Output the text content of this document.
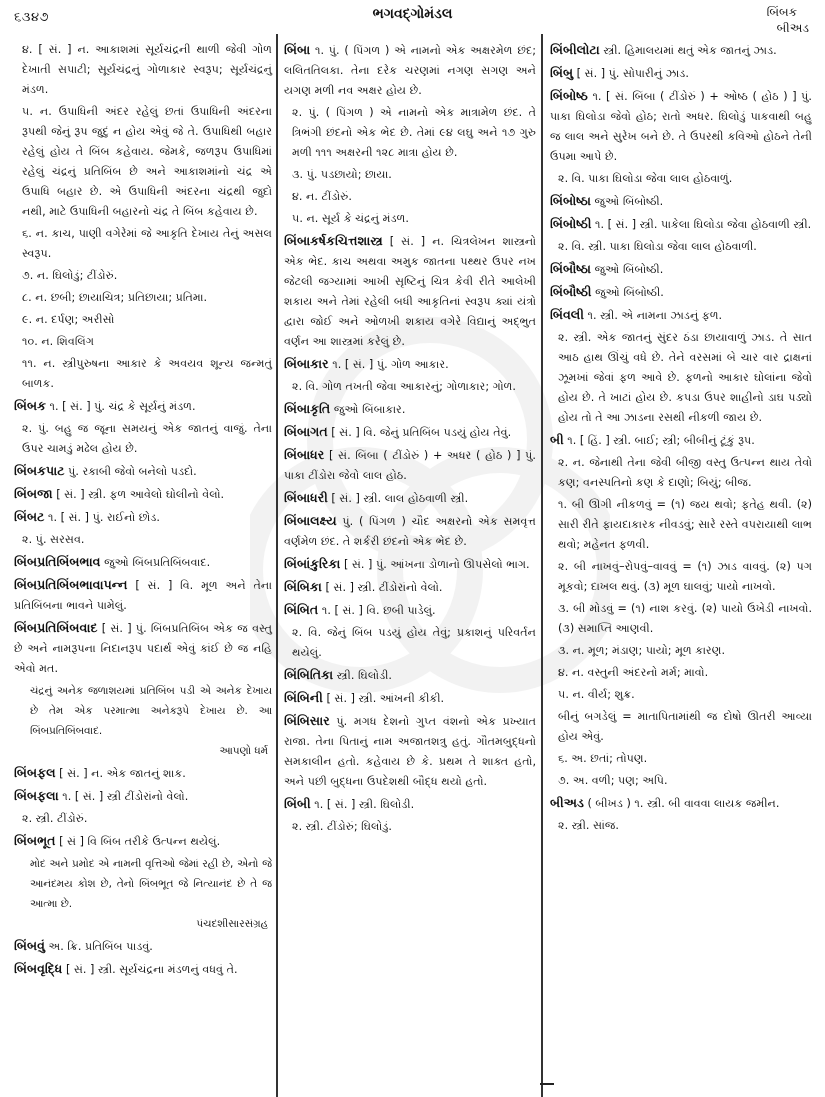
૬૩૪૭	ભગવદ્ગોમંડલ	બિંબક
બીઅડ
૪. [ સં. ] ન. આકાશમાં સૂર્યચંદ્રની થાળી જેવી ગોળ દેખાતી સપાટી; સૂર્યચંદ્રનું ગોળાકાર સ્વરૂપ; સૂર્યચંદ્રનું મંડળ.
૫. ન. ઉપાધિની અંદર રહેલું છતાં ઉપાધિની અંદરના રૂપથી જેનું રૂપ જુદું ન હોય એવું જે તે. ઉપાધિથી બહાર રહેલું હોય તે બિંબ કહેવાય. જેમકે, જળરૂપ ઉપાધિમાં રહેલું ચંદ્રનું પ્રતિબિંબ છે અને આકાશમાંનો ચંદ્ર એ ઉપાધિ બહાર છે. એ ઉપાધિની અંદરના ચંદ્રથી જુદો નથી, માટે ઉપાધિની બહારનો ચંદ્ર તે બિંબ કહેવાય છે.
૬. ન. કાચ, પાણી વગેરેમાં જે આકૃતિ દેખાય તેનું અસલ સ્વરૂપ.
૭. ન. ઘિલોડું; ટીંડોરું.
૮. ન. છબી; છાયાચિત્ર; પ્રતિછાયા; પ્રતિમા.
૯. ન. દર્પણ; અરીસો
૧૦. ન. શિવલિંગ
૧૧. ન. સ્ત્રીપુરુષના આકાર કે અવયવ શૂન્ય જન્મતું બાળક.
બિંબક ૧. [ સં. ] પું. ચંદ્ર કે સૂર્યનું મંડળ.
૨. પું. બહુ જ જૂના સમયનું એક જાતનું વાજું. તેના ઉપર ચામડું મઢેલ હોય છે.
બિંબકપાટ પું. રકાબી જેવો બનેલો પડદો.
બિંબજા [ સં. ] સ્ત્રી. ફળ આવેલો ઘોલીનો વેલો.
બિંબટ ૧. [ સં. ] પું. રાઈનો છોડ.
૨. પું. સરસવ.
બિંબપ્રતિબિંબભાવ જુઓ બિંબપ્રતિબિંબવાદ.
બિંબપ્રતિબિંબભાવાપન્ન [ સં. ] વિ. મૂળ અને તેના પ્રતિબિંબના ભાવને પામેલું.
બિંબપ્રતિબિંબવાદ [ સં. ] પું. બિંબપ્રતિબિંબ એક જ વસ્તુ છે અને નામરૂપના નિદાનરૂપ પદાર્થ એવું કાંઈ છે જ નહિ એવો મત.
ચંદ્રનું અનેક જળાશયમાં પ્રતિબિંબ પડી એ અનેક દેખાય છે તેમ એક પરમાત્મા અનેકરૂપે દેખાય છે. આ બિંબપ્રતિબિંબવાદ.
આપણો ધર્મ
બિંબફલ [ સં. ] ન. એક જાતનું શાક.
બિંબફલા ૧. [ સં. ] સ્ત્રી ટીંડોરાંનો વેલો.
૨. સ્ત્રી. ટીંડોરું.
બિંબભૂત [ સં ] વિ બિંબ તરીકે ઉત્પન્ન થયેલું.
મોદ અને પ્રમોદ એ નામની વૃત્તિઓ જેમાં રહી છે, એનો જે આનંદમય કોશ છે, તેનો બિંબભૂત જે નિત્યાનંદ છે તે જ આત્મા છે.
પંચદશીસારસંગ્રહ
બિંબવું અ. ક્રિ. પ્રતિબિંબ પાડવું.
બિંબવૃદ્ધિ [ સં. ] સ્ત્રી. સૂર્યચંદ્રના મંડળનું વધવું તે.
બિંબા ૧. પું. ( પિંગળ ) એ નામનો એક અક્ષરમેળ છંદ; લલિતતિલકા. તેના દરેક ચરણમાં નગણ સગણ અને યગણ મળી નવ અક્ષર હોય છે.
૨. પું. ( પિંગળ ) એ નામનો એક માત્રામેળ છંદ. તે ત્રિભંગી છંદનો એક ભેદ છે. તેમાં ૯૪ લઘુ અને ૧૭ ગુરુ મળી ૧૧૧ અક્ષરની ૧૨૮ માત્રા હોય છે.
૩. પું. પડછાયો; છાયા.
૪. ન. ટીંડોરું.
૫. ન. સૂર્ય કે ચંદ્રનું મંડળ.
બિંબાકર્ષકચિત્તશાસ્ત્ર [ સં. ] ન. ચિત્રલેખન શાસ્ત્રનો એક ભેદ. કાચ અથવા અમુક જાતના પથ્થર ઉપર નખ જેટલી જગ્યામાં આખી સૃષ્ટિનું ચિત્ર કેવી રીતે આલેખી શકાય અને તેમાં રહેલી બધી આકૃતિનાં સ્વરૂપ ક્યાં યંત્રો દ્વારા જોઈ અને ઓળખી શકાય વગેરે વિદ્યાનું અદ્ભુત વર્ણન આ શાસ્ત્રમાં કરેલું છે.
બિંબાકાર ૧. [ સં. ] પું. ગોળ આકાર.
૨. વિ. ગોળ તખતી જેવા આકારનું; ગોળાકાર; ગોળ.
બિંબાકૃતિ જુઓ બિંબાકાર.
બિંબાગત [ સં. ] વિ. જેનું પ્રતિબિંબ પડયું હોય તેવું.
બિંબાધર [ સં. બિંબા ( ટીંડોરું ) + અધર ( હોઠ ) ] પું. પાકા ટીંડોરા જેવો લાલ હોઠ.
બિંબાધરી [ સં. ] સ્ત્રી. લાલ હોઠવાળી સ્ત્રી.
બિંબાલક્ષ્ય પું. ( પિંગળ ) ચૌદ અક્ષરનો એક સમવૃત્ત વર્ણમેળ છંદ. તે શર્કરી છંદનો એક ભેદ છે.
બિંબાંકુરિકા [ સં. ] પું. આંખના ડોળાનો ઊપસેલો ભાગ.
બિંબિકા [ સં. ] સ્ત્રી. ટીંડોરાંનો વેલો.
બિંબિત ૧. [ સં. ] વિ. છબી પાડેલું.
૨. વિ. જેનું બિંબ પડયું હોય તેવું; પ્રકાશનું પરિવર્તન થયેલું.
બિંબિતિકા સ્ત્રી. ઘિલોડી.
બિંબિની [ સં. ] સ્ત્રી. આંખની કીકી.
બિંબિસાર પું. મગધ દેશનો ગુપ્ત વંશનો એક પ્રખ્યાત રાજા. તેના પિતાનું નામ અજાતશત્રુ હતું. ગૌતમબુદ્ધનો સમકાલીન હતો. કહેવાય છે કે. પ્રથમ તે શાક્ત હતો, અને પછી બુદ્ધના ઉપદેશથી બૌદ્ધ થયો હતો.
બિંબી ૧. [ સં. ] સ્ત્રી. ઘિલોડી.
૨. સ્ત્રી. ટીંડોરું; ઘિલોડું.
બિંબીલોટા સ્ત્રી. હિમાલયમાં થતું એક જાતનું ઝાડ.
બિંબુ [ સં. ] પું. સોપારીનું ઝાડ.
બિંબોષ્ઠ ૧. [ સં. બિંબા ( ટીંડોરું ) + ઓષ્ઠ ( હોઠ ) ] પું. પાકા ઘિલોડા જેવો હોઠ; રાતો અધર. ઘિલોડું પાકવાથી બહુ જ લાલ અને સુરેખ બને છે. તે ઉપરથી કવિઓ હોઠને તેની ઉપમા આપે છે.
૨. વિ. પાકા ઘિલોડા જેવા લાલ હોઠવાળું.
બિંબોષ્ઠા જુઓ બિંબોષ્ઠી.
બિંબોષ્ઠી ૧. [ સં. ] સ્ત્રી. પાકેલા ઘિલોડા જેવા હોઠવાળી સ્ત્રી.
૨. વિ. સ્ત્રી. પાકા ઘિલોડા જેવા લાલ હોઠવાળી.
બિંબૌષ્ઠા જુઓ બિંબોષ્ઠી.
બિંબૌષ્ઠી જુઓ બિંબોષ્ઠી.
બિંવલી ૧. સ્ત્રી. એ નામના ઝાડનું ફળ.
૨. સ્ત્રી. એક જાતનું સુંદર ઠંડા છાયાવાળું ઝાડ. તે સાત આઠ હાથ ઊંચું વધે છે. તેને વરસમાં બે ચાર વાર દ્રાક્ષનાં ઝૂમખાં જેવાં ફળ આવે છે. ફળનો આકાર ઘોલાંના જેવો હોય છે. તે ખાટાં હોય છે. કપડા ઉપર શાહીનો ડાઘ પડ્યો હોય તો તે આ ઝાડના રસથી નીકળી જાય છે.
બી ૧. [ હિં. ] સ્ત્રી. બાઈ; સ્ત્રી; બીબીનું ટૂંકું રૂપ.
૨. ન. જેનાથી તેના જેવી બીજી વસ્તુ ઉત્પન્ન થાય તેવો કણ; વનસ્પતિનો કણ કે દાણો; બિયું; બીજ.
૧. બી ઊગી નીકળવું = (૧) જય થવો; ફતેહ થવી. (૨) સારી રીતે ફાયદાકારક નીવડવું; સારે રસ્તે વપરાયાથી લાભ થવો; મહેનત ફળવી.
૨. બી નાખવું–રોપવું–વાવવું = (૧) ઝાડ વાવવું. (૨) પગ મૂકવો; દાખલ થવું. (૩) મૂળ ઘાલવું; પાયો નાખવો.
૩. બી મોડવું = (૧) નાશ કરવું. (૨) પાયો ઉખેડી નાખવો. (૩) સમાપ્તિ આણવી.
૩. ન. મૂળ; મંડાણ; પાયો; મૂળ કારણ.
૪. ન. વસ્તુની અંદરનો મર્મ; માવો.
૫. ન. વીર્ય; શુક્ર.
બીનું બગડેલું = માતાપિતામાંથી જ દોષો ઊતરી આવ્યા હોય એવું.
૬. અ. છતાં; તોપણ.
૭. અ. વળી; પણ; અપિ.
બીઅડ ( બીખડ ) ૧. સ્ત્રી. બી વાવવા લાયક જમીન.
૨. સ્ત્રી. સાંજ.
